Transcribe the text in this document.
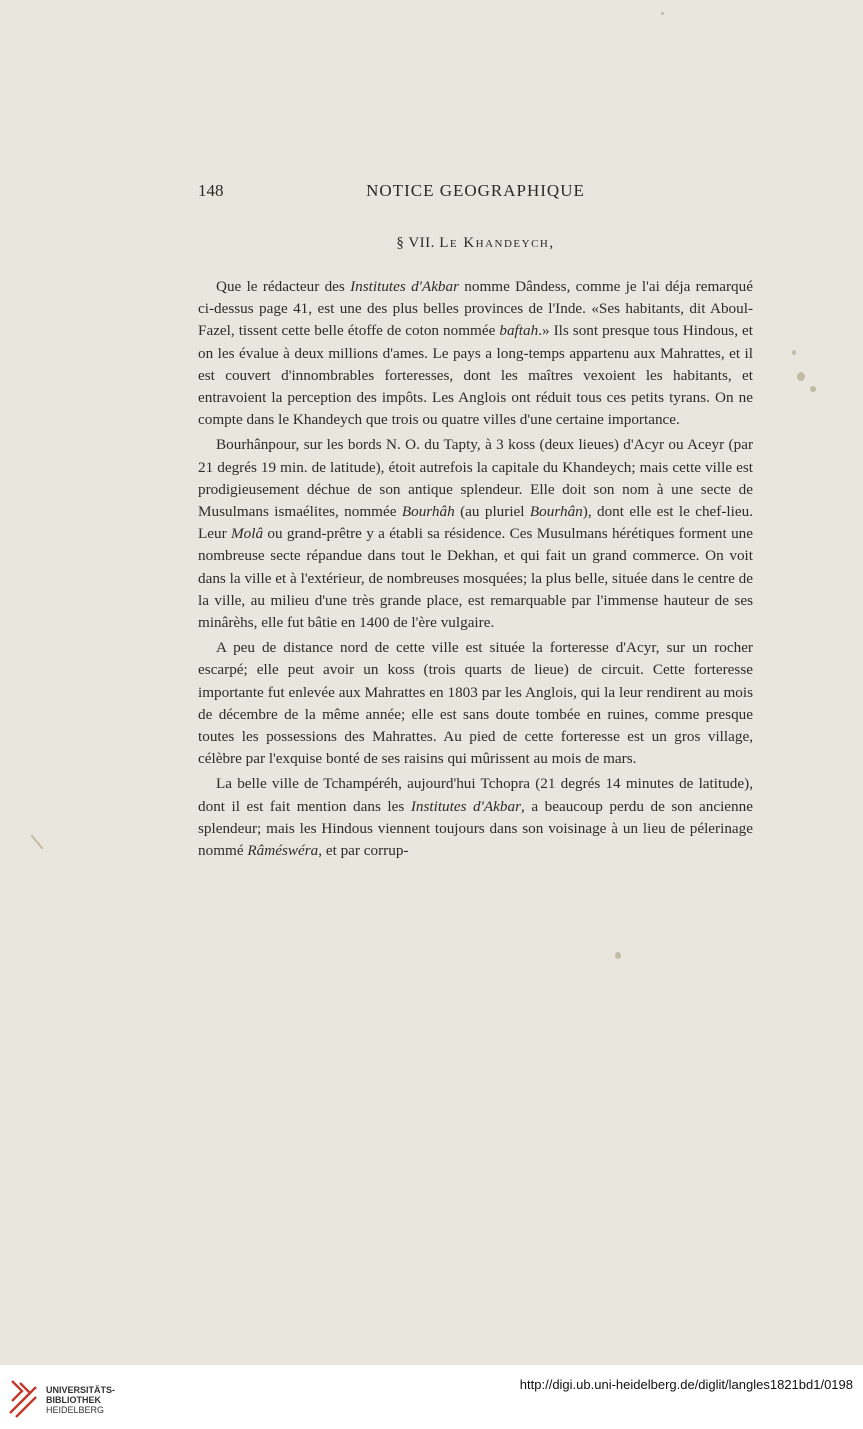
148	NOTICE GEOGRAPHIQUE
§ VII. Le Khandeych,

Que le rédacteur des Institutes d'Akbar nomme Dândess, comme je l'ai déja remarqué ci-dessus page 41, est une des plus belles provinces de l'Inde. «Ses habitants, dit Aboul-Fazel, tissent cette belle étoffe de coton nommée baftah.» Ils sont presque tous Hindous, et on les évalue à deux millions d'ames. Le pays a long-temps appartenu aux Mahrattes, et il est couvert d'innombrables forteresses, dont les maîtres vexoient les habitants, et entravoient la perception des impôts. Les Anglois ont réduit tous ces petits tyrans. On ne compte dans le Khandeych que trois ou quatre villes d'une certaine importance.

Bourhânpour, sur les bords N. O. du Tapty, à 3 koss (deux lieues) d'Acyr ou Aceyr (par 21 degrés 19 min. de latitude), étoit autrefois la capitale du Khandeych; mais cette ville est prodigieusement déchue de son antique splendeur. Elle doit son nom à une secte de Musulmans ismaélites, nommée Bourhâh (au pluriel Bourhân), dont elle est le chef-lieu. Leur Molâ ou grand-prêtre y a établi sa résidence. Ces Musulmans hérétiques forment une nombreuse secte répandue dans tout le Dekhan, et qui fait un grand commerce. On voit dans la ville et à l'extérieur, de nombreuses mosquées; la plus belle, située dans le centre de la ville, au milieu d'une très grande place, est remarquable par l'immense hauteur de ses minârèhs, elle fut bâtie en 1400 de l'ère vulgaire.

A peu de distance nord de cette ville est située la forteresse d'Acyr, sur un rocher escarpé; elle peut avoir un koss (trois quarts de lieue) de circuit. Cette forteresse importante fut enlevée aux Mahrattes en 1803 par les Anglois, qui la leur rendirent au mois de décembre de la même année; elle est sans doute tombée en ruines, comme presque toutes les possessions des Mahrattes. Au pied de cette forteresse est un gros village, célèbre par l'exquise bonté de ses raisins qui mûrissent au mois de mars.

La belle ville de Tchampéréh, aujourd'hui Tchopra (21 degrés 14 minutes de latitude), dont il est fait mention dans les Institutes d'Akbar, a beaucoup perdu de son ancienne splendeur; mais les Hindous viennent toujours dans son voisinage à un lieu de pélerinage nommé Râméswéra, et par corrup-

UNIVERSITÄTS-
BIBLIOTHEK
HEIDELBERG
http://digi.ub.uni-heidelberg.de/diglit/langles1821bd1/0198
